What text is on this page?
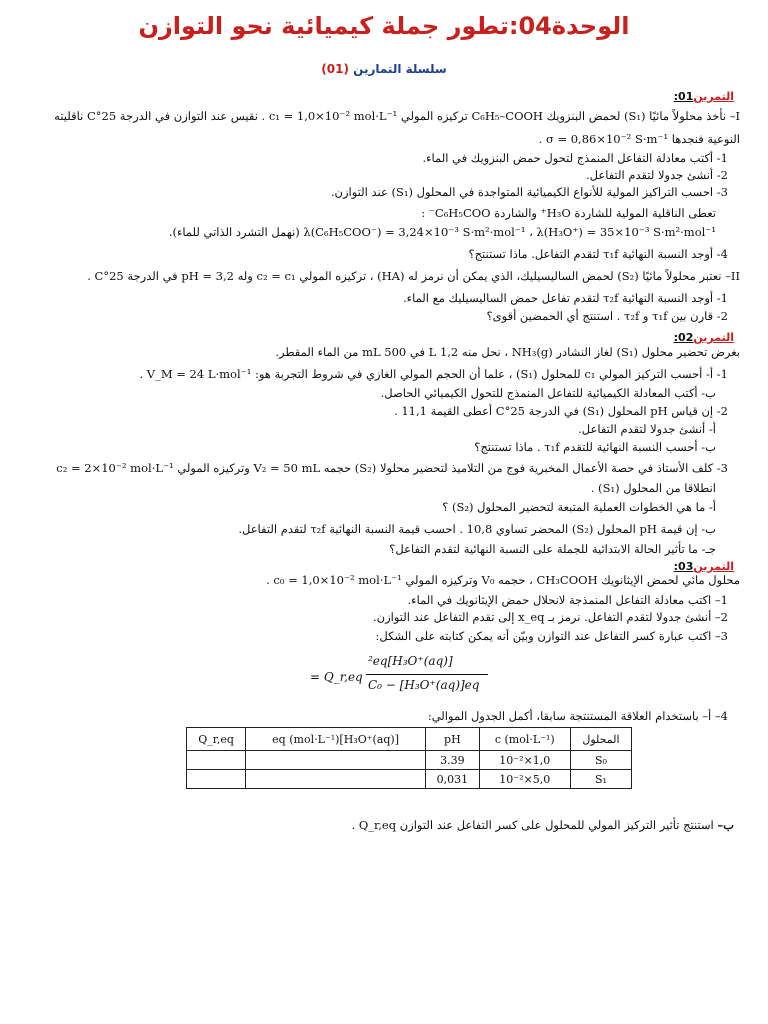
الوحدة04:تطور جملة كيميائية نحو التوازن
سلسلة التمارين (01)
التمرين01:
I– نأخذ محلولاً مائيًا (S₁) لحمض البنزويك C₆H₅–COOH تركيزه المولي c₁ = 1,0×10⁻² mol·L⁻¹ . نقيس عند التوازن في الدرجة 25°C ناقليته
النوعية فنجدها σ = 0,86×10⁻² S·m⁻¹ .
1- أكتب معادلة التفاعل المنمذج لتحول حمض البنزويك في الماء.
2- أنشئ جدولا لتقدم التفاعل.
3- احسب التراكيز المولية للأنواع الكيميائية المتواجدة في المحلول (S₁) عند التوازن.
تعطى الناقلية المولية للشاردة H₃O⁺ والشاردة C₆H₅COO⁻ :
λ(C₆H₅COO⁻) = 3,24×10⁻³ S·m²·mol⁻¹ ، λ(H₃O⁺) = 35×10⁻³ S·m²·mol⁻¹ (نهمل التشرد الذاتي للماء).
4- أوجد النسبة النهائية τ₁f لتقدم التفاعل. ماذا تستنتج؟
II– نعتبر محلولاً مائيًا (S₂) لحمض الساليسيليك، الذي يمكن أن نرمز له (HA) ، تركيزه المولي c₂ = c₁ وله pH = 3,2 في الدرجة 25°C .
1- أوجد النسبة النهائية τ₂f لتقدم تفاعل حمض الساليسيليك مع الماء.
2- قارن بين τ₁f و τ₂f . استنتج أي الحمضين أقوى؟
التمرين02:
بغرض تحضير محلول (S₁) لغاز النشادر NH₃(g) ، نحل منه 1,2 L في 500 mL من الماء المقطر.
1- أ- أحسب التركيز المولي c₁ للمحلول (S₁) ، علما أن الحجم المولي الغازي في شروط التجربة هو: V_M = 24 L·mol⁻¹ .
ب- أكتب المعادلة الكيميائية للتفاعل المنمذج للتحول الكيميائي الحاصل.
2- إن قياس pH المحلول (S₁) في الدرجة 25°C أعطى القيمة 11,1 .
أ- أنشئ جدولا لتقدم التفاعل.
ب- أحسب النسبة النهائية للتقدم τ₁f . ماذا تستنتج؟
3- كلف الأستاذ في حصة الأعمال المخبرية فوج من التلاميذ لتحضير محلولا (S₂) حجمه V₂ = 50 mL وتركيزه المولي c₂ = 2×10⁻² mol·L⁻¹
انطلاقا من المحلول (S₁) .
أ- ما هي الخطوات العملية المتبعة لتحضير المحلول (S₂) ؟
ب- إن قيمة pH المحلول (S₂) المحضر تساوي 10,8 . احسب قيمة النسبة النهائية τ₂f لتقدم التفاعل.
جـ- ما تأثير الحالة الابتدائية للجملة على النسبة النهائية لتقدم التفاعل؟
التمرين03:
محلول مائي لحمض الإيثانويك CH₃COOH ، حجمه V₀ وتركيزه المولي c₀ = 1,0×10⁻² mol·L⁻¹ .
1– اكتب معادلة التفاعل المنمذجة لانحلال حمض الإيثانويك في الماء.
2– أنشئ جدولا لتقدم التفاعل. نرمز بـ x_eq إلى تقدم التفاعل عند التوازن.
3– اكتب عبارة كسر التفاعل عند التوازن وبيّن أنه يمكن كتابته على الشكل:
Q_r,eq =
[H₃O⁺(aq)]²eq
C₀ − [H₃O⁺(aq)]eq
4– أ– باستخدام العلاقة المستنتجة سابقا، أكمل الجدول الموالي:
المحلول	c (mol·L⁻¹)	pH	[H₃O⁺(aq)]eq (mol·L⁻¹)	Q_r,eq
S₀	1,0×10⁻²	3.39		
S₁	5,0×10⁻²	0,031		
ب– استنتج تأثير التركيز المولي للمحلول على كسر التفاعل عند التوازن Q_r,eq .
